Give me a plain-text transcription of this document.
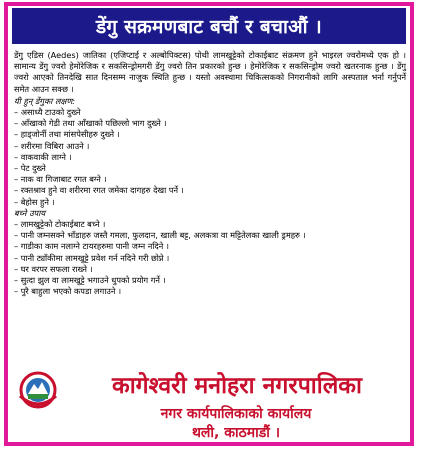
डेंगु सक्रमणबाट बचौं र बचाऔं ।

डेंगु एडिस (Aedes) जातिका (एजिप्टाई र अल्बोपिक्टस) पोथी लामखुट्टेको टोकाईबाट संक्रमण हुने भाइरल ज्वरोमध्ये एक हो । सामान्य डेंगु ज्वरो हेमोरेजिक र सकसिन्ड्रोमगरी डेंगु ज्वरो तिन प्रकारको हुन्छ । हेमोरेजिक र सकसिन्ड्रोम ज्वरो खतरनाक हुन्छ । डेंगु ज्वरो आएको तिनदेखि सात दिनसम्म नाजुक स्थिति हुन्छ । यस्तो अवस्थामा चिकित्सकको निगरानीको लागि अस्पताल भर्ना गर्नुपर्ने समेत आउन सक्छ ।

यी हुन् डेंगुका लक्षण:

– असाध्यै टाउको दुख्ने
– आँखाको गेडी तथा आँखाको पछिल्लो भाग दुख्ने ।
– हाड्जोर्नी तथा मांसपेसीहरु दुख्ने ।
– शरीरमा विबिरा आउने ।
– वाकवाकी लाग्ने ।
– पेट दुख्ने
– नाक वा गिजाबाट रगत बग्ने ।
– रक्तश्राव हुने वा शरीरमा रगत जमेका दागहरु देखा पर्ने ।
– बेहोस हुने ।

बच्ने उपाय

– लामखुट्टेको टोकाईबाट बच्ने ।
– पानी जम्नसक्ने भाँडाहरु जस्तै गमला, फुलदान, खाली बट्ट, अलकत्रा वा मट्टितेलका खाली ड्रमहरु ।
– गाडीका काम नलाग्ने टायरहरुमा पानी जम्न नदिने ।
– पानी ट्याँकीमा लामखुट्टे प्रवेश गर्न नदिने गरी छोप्ने ।
– घर वरपर सफला राख्ने ।
– सुत्दा झुल वा लामखुट्टे भगाउने धुपको प्रयोग गर्ने ।
– पुरै बाहुला भएको कपडा लगाउने ।
कागेश्वरी मनोहरा नगरपालिका
नगर कार्यपालिकाको कार्यालय
थली, काठमाडौं ।
